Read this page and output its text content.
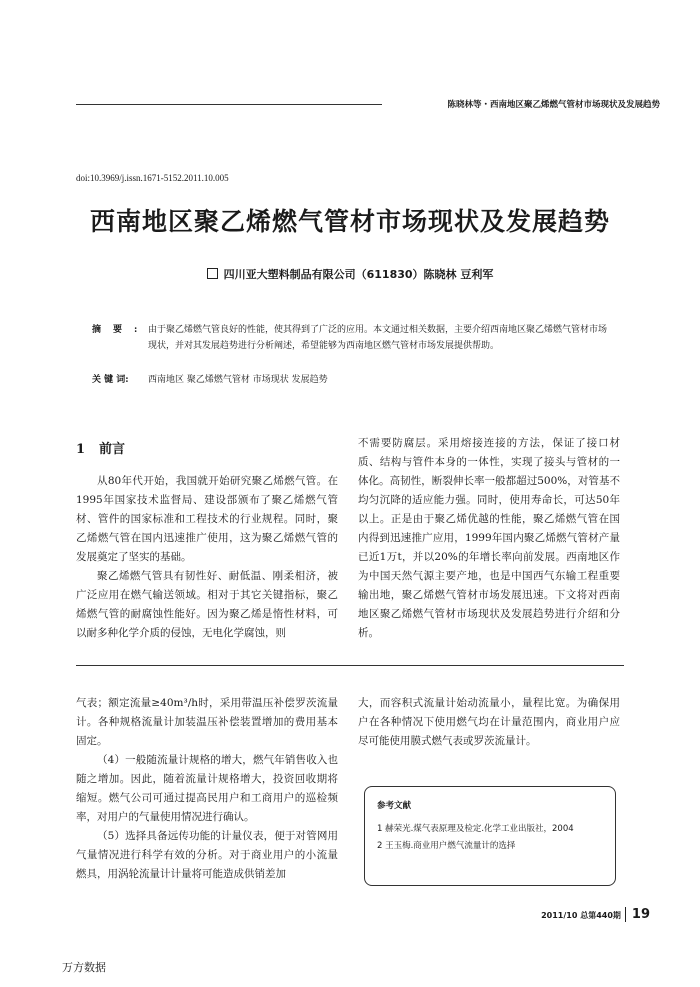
陈晓林等・西南地区聚乙烯燃气管材市场现状及发展趋势
doi:10.3969/j.issn.1671-5152.2011.10.005
西南地区聚乙烯燃气管材市场现状及发展趋势
四川亚大塑料制品有限公司（611830）陈晓林 豆利军
摘要:
由于聚乙烯燃气管良好的性能，使其得到了广泛的应用。本文通过相关数据，主要介绍西南地区聚乙烯燃气管材市场现状，并对其发展趋势进行分析阐述，希望能够为西南地区燃气管材市场发展提供帮助。
关 键 词: 西南地区 聚乙烯燃气管材 市场现状 发展趋势
1 前言

从80年代开始，我国就开始研究聚乙烯燃气管。在1995年国家技术监督局、建设部颁布了聚乙烯燃气管材、管件的国家标准和工程技术的行业规程。同时，聚乙烯燃气管在国内迅速推广使用，这为聚乙烯燃气管的发展奠定了坚实的基础。

聚乙烯燃气管具有韧性好、耐低温、刚柔相济，被广泛应用在燃气输送领域。相对于其它关键指标，聚乙烯燃气管的耐腐蚀性能好。因为聚乙烯是惰性材料，可以耐多种化学介质的侵蚀，无电化学腐蚀，则

不需要防腐层。采用熔接连接的方法，保证了接口材质、结构与管件本身的一体性，实现了接头与管材的一体化。高韧性，断裂伸长率一般都超过500%，对管基不均匀沉降的适应能力强。同时，使用寿命长，可达50年以上。正是由于聚乙烯优越的性能，聚乙烯燃气管在国内得到迅速推广应用，1999年国内聚乙烯燃气管材产量已近1万t，并以20%的年增长率向前发展。西南地区作为中国天然气源主要产地，也是中国西气东输工程重要输出地，聚乙烯燃气管材市场发展迅速。下文将对西南地区聚乙烯燃气管材市场现状及发展趋势进行介绍和分析。

气表；额定流量≥40m³/h时，采用带温压补偿罗茨流量计。各种规格流量计加装温压补偿装置增加的费用基本固定。

（4）一般随流量计规格的增大，燃气年销售收入也随之增加。因此，随着流量计规格增大，投资回收期将缩短。燃气公司可通过提高民用户和工商用户的巡检频率，对用户的气量使用情况进行确认。

（5）选择具备远传功能的计量仪表，便于对管网用气量情况进行科学有效的分析。对于商业用户的小流量燃具，用涡轮流量计计量将可能造成供销差加

大，而容积式流量计始动流量小，量程比宽。为确保用户在各种情况下使用燃气均在计量范围内，商业用户应尽可能使用膜式燃气表或罗茨流量计。

参考文献
1 赫荣光.煤气表原理及检定.化学工业出版社，2004
2 王玉梅.商业用户燃气流量计的选择
2011/10 总第440期 19
万方数据
